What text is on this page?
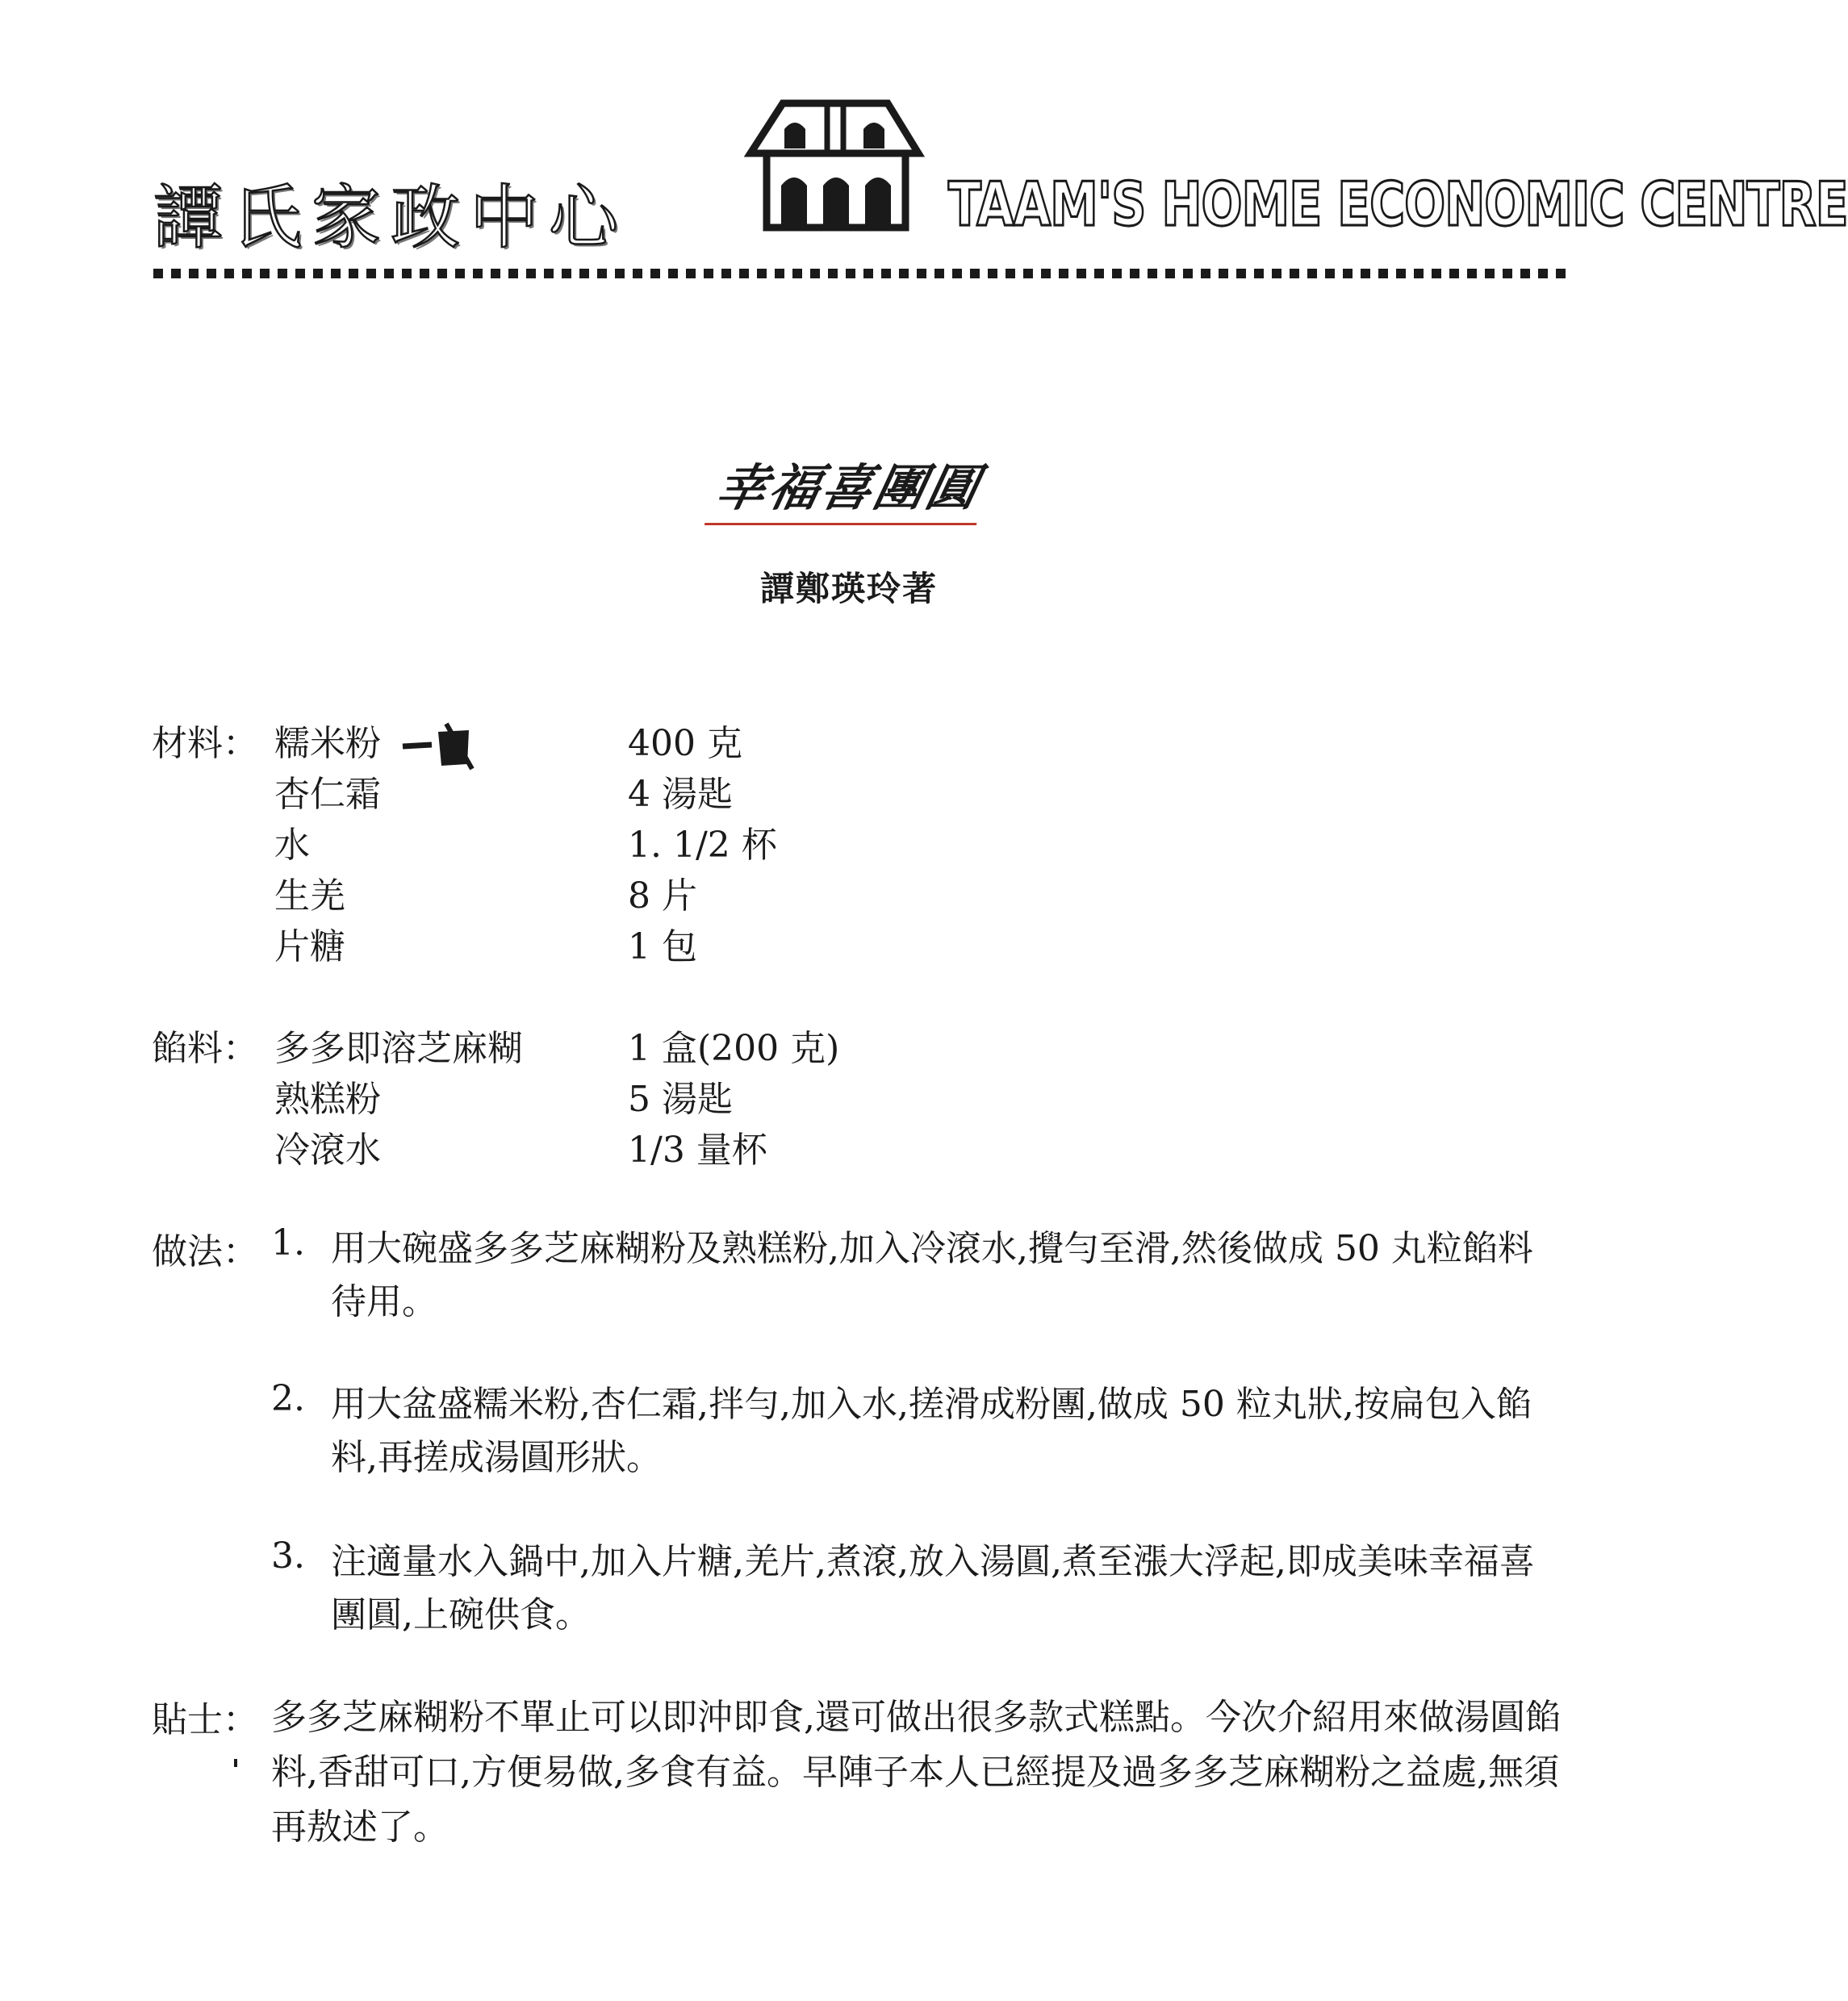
譚氏家政中心	TAAM'S HOME ECONOMIC CENTRE
幸福喜團圓
譚鄭瑛玲著
材料： 糯米粉	400 克
杏仁霜	4 湯匙
水	1. 1/2 杯
生羌	8 片
片糖	1 包
餡料： 多多即溶芝麻糊	1 盒(200 克)
熟糕粉	5 湯匙
冷滾水	1/3 量杯
做法： 1. 用大碗盛多多芝麻糊粉及熟糕粉,加入冷滾水,攪勻至滑,然後做成 50 丸粒餡料待用。
2. 用大盆盛糯米粉,杏仁霜,拌勻,加入水,搓滑成粉團,做成 50 粒丸狀,按扁包入餡料,再搓成湯圓形狀。
3. 注適量水入鍋中,加入片糖,羌片,煮滾,放入湯圓,煮至漲大浮起,即成美味幸福喜團圓,上碗供食。
貼士： 多多芝麻糊粉不單止可以即沖即食,還可做出很多款式糕點。今次介紹用來做湯圓餡料,香甜可口,方便易做,多食有益。早陣子本人已經提及過多多芝麻糊粉之益處,無須再敖述了。
